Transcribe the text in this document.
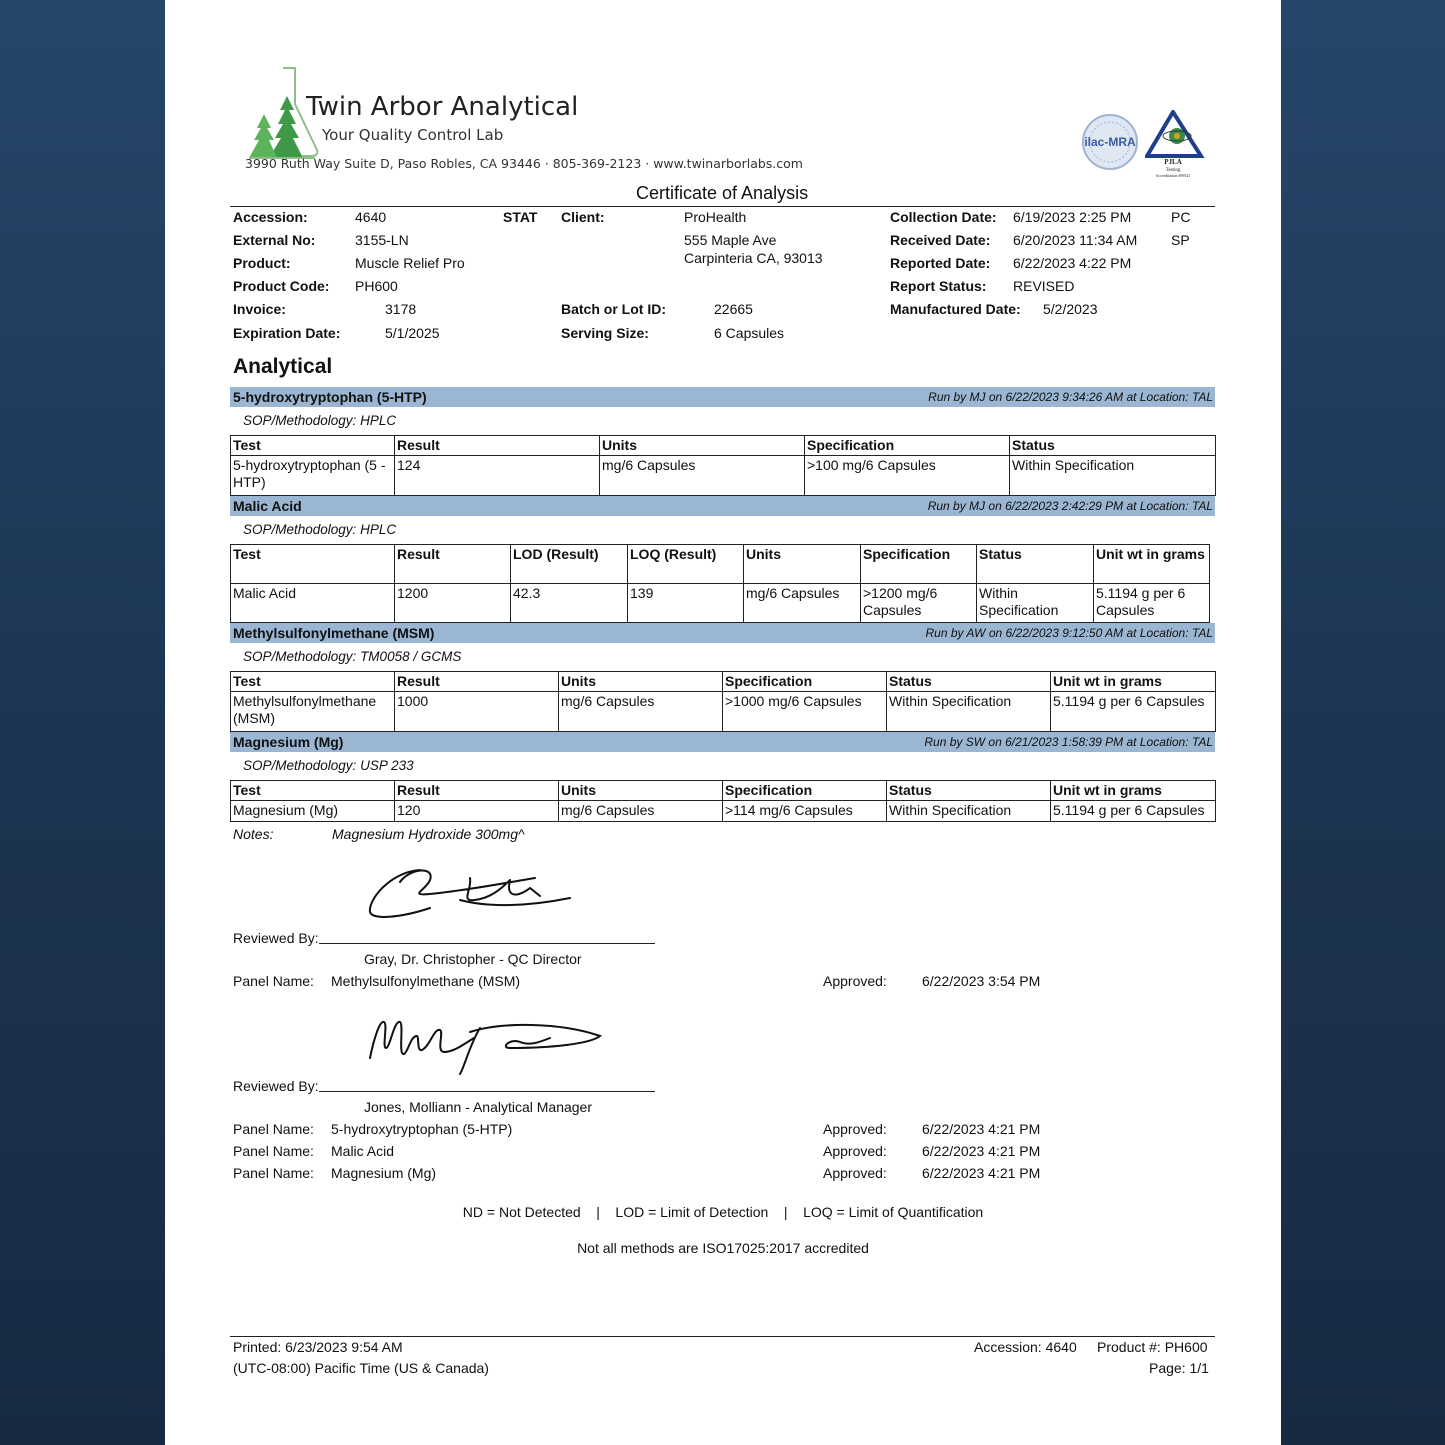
Twin Arbor Analytical
Your Quality Control Lab
3990 Ruth Way Suite D, Paso Robles, CA 93446 · 805-369-2123 · www.twinarborlabs.com
ilac-MRA
PJLA
Testing
Accreditation #99521
Certificate of Analysis
Accession:	4640	STAT
External No:	3155-LN
Product:	Muscle Relief Pro
Product Code: PH600
Invoice:	3178
Expiration Date:	5/1/2025
Client:	ProHealth
555 Maple Ave
Carpinteria CA, 93013
Batch or Lot ID:	22665
Serving Size:	6 Capsules
Collection Date: 6/19/2023 2:25 PM	PC
Received Date: 6/20/2023 11:34 AM SP
Reported Date: 6/22/2023 4:22 PM
Report Status: REVISED
Manufactured Date: 5/2/2023
Analytical
5-hydroxytryptophan (5-HTP)	Run by MJ on 6/22/2023 9:34:26 AM at Location: TAL
SOP/Methodology: HPLC
Test	Result	Units	Specification	Status
5-hydroxytryptophan (5 -HTP)	124	mg/6 Capsules	>100 mg/6 Capsules	Within Specification
Malic Acid	Run by MJ on 6/22/2023 2:42:29 PM at Location: TAL
SOP/Methodology: HPLC
Test	Result	LOD (Result)	LOQ (Result)	Units	Specification	Status	Unit wt in grams
Malic Acid	1200	42.3	139	mg/6 Capsules	>1200 mg/6 Capsules	Within Specification	5.1194 g per 6 Capsules
Methylsulfonylmethane (MSM)	Run by AW on 6/22/2023 9:12:50 AM at Location: TAL
SOP/Methodology: TM0058 / GCMS
Test	Result	Units	Specification	Status	Unit wt in grams
Methylsulfonylmethane (MSM)	1000	mg/6 Capsules	>1000 mg/6 Capsules	Within Specification	5.1194 g per 6 Capsules
Magnesium (Mg)	Run by SW on 6/21/2023 1:58:39 PM at Location: TAL
SOP/Methodology: USP 233
Test	Result	Units	Specification	Status	Unit wt in grams
Magnesium (Mg)	120	mg/6 Capsules	>114 mg/6 Capsules	Within Specification	5.1194 g per 6 Capsules
Notes:	Magnesium Hydroxide 300mg^
Reviewed By:
Gray, Dr. Christopher - QC Director
Panel Name: Methylsulfonylmethane (MSM)	Approved:	6/22/2023 3:54 PM
Reviewed By:
Jones, Molliann - Analytical Manager
Panel Name: 5-hydroxytryptophan (5-HTP)	Approved:	6/22/2023 4:21 PM
Panel Name: Malic Acid	Approved:	6/22/2023 4:21 PM
Panel Name: Magnesium (Mg)	Approved:	6/22/2023 4:21 PM
ND = Not Detected    |    LOD = Limit of Detection    |    LOQ = Limit of Quantification
Not all methods are ISO17025:2017 accredited
Printed: 6/23/2023 9:54 AM
(UTC-08:00) Pacific Time (US & Canada)
Accession: 4640 Product #: PH600
Page: 1/1
